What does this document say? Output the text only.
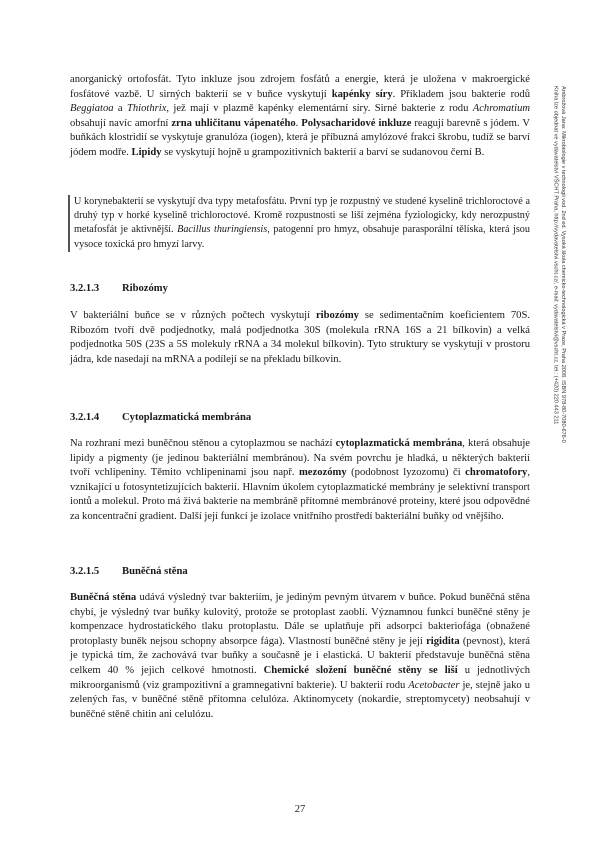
anorganický ortofosfát. Tyto inkluze jsou zdrojem fosfátů a energie, která je uložena v makroergické fosfátové vazbě. U sirných bakterií se v buňce vyskytují kapénky síry. Příkladem jsou bakterie rodů Beggiatoa a Thiothrix, jež mají v plazmě kapénky elementární síry. Sirné bakterie z rodu Achromatium obsahují navíc amorfní zrna uhličitanu vápenatého. Polysacharidové inkluze reagují barevně s jódem. V buňkách klostridií se vyskytuje granulóza (iogen), která je příbuzná amylózové frakci škrobu, tudíž se barví jódem modře. Lipidy se vyskytují hojně u grampozitivních bakterií a barví se sudanovou černí B.

U korynebakterií se vyskytují dva typy metafosfátu. První typ je rozpustný ve studené kyselině trichloroctové a druhý typ v horké kyselině trichloroctové. Kromě rozpustnosti se liší zejména fyziologicky, kdy nerozpustný metafosfát je aktivnější. Bacillus thuringiensis, patogenní pro hmyz, obsahuje parasporální tělíska, která jsou vysoce toxická pro hmyzí larvy.

3.2.1.3 Ribozómy

V bakteriální buňce se v různých počtech vyskytují ribozómy se sedimentačním koeficientem 70S. Ribozóm tvoří dvě podjednotky, malá podjednotka 30S (molekula rRNA 16S a 21 bílkovin) a velká podjednotka 50S (23S a 5S molekuly rRNA a 34 molekul bílkovin). Tyto struktury se vyskytují v prostoru jádra, kde nasedají na mRNA a podílejí se na překladu bílkovin.

3.2.1.4 Cytoplazmatická membrána

Na rozhraní mezi buněčnou stěnou a cytoplazmou se nachází cytoplazmatická membrána, která obsahuje lipidy a pigmenty (je jedinou bakteriální membránou). Na svém povrchu je hladká, u některých bakterií tvoří vchlipeniny. Těmito vchlipeninami jsou např. mezozómy (podobnost lyzozomu) či chromatofory, vznikající u fotosyntetizujících bakterií. Hlavním úkolem cytoplazmatické membrány je selektivní transport iontů a molekul. Proto má živá bakterie na membráně přítomné membránové proteiny, které jsou odpovědné za koncentrační gradient. Další její funkcí je izolace vnitřního prostředí bakteriální buňky od vnějšího.

3.2.1.5 Buněčná stěna

Buněčná stěna udává výsledný tvar bakteriím, je jediným pevným útvarem v buňce. Pokud buněčná stěna chybí, je výsledný tvar buňky kulovitý, protože se protoplast zaoblí. Významnou funkcí buněčné stěny je kompenzace hydrostatického tlaku protoplastu. Dále se uplatňuje při adsorpci bakteriofága (obnažené protoplasty buněk nejsou schopny absorpce fága). Vlastností buněčné stěny je její rigidita (pevnost), která je typická tím, že zachovává tvar buňky a současně je i elastická. U bakterií představuje buněčná stěna celkem 40 % jejich celkové hmotnosti. Chemické složení buněčné stěny se liší u jednotlivých mikroorganismů (viz grampozitivní a gramnegativní bakterie). U bakterií rodu Acetobacter je, stejně jako u zelených řas, v buněčné stěně přítomna celulóza. Aktinomycety (nokardie, streptomycety) neobsahují v buněčné stěně chitin ani celulózu.

Ambrožová Jana: Mikrobiologie v technologii vod. 2nd ed. Vysoká škola chemicko-technologická v Praze, Praha 2008. ISBN 978-80-7080-676-0
Kniha lze objednat ve vydavatelství VŠCHT Praha, http://vydavatelstvi.vscht.cz/, e-mail: vydavatelstvi@vscht.cz, tel.: (+420) 220 443 211
27
